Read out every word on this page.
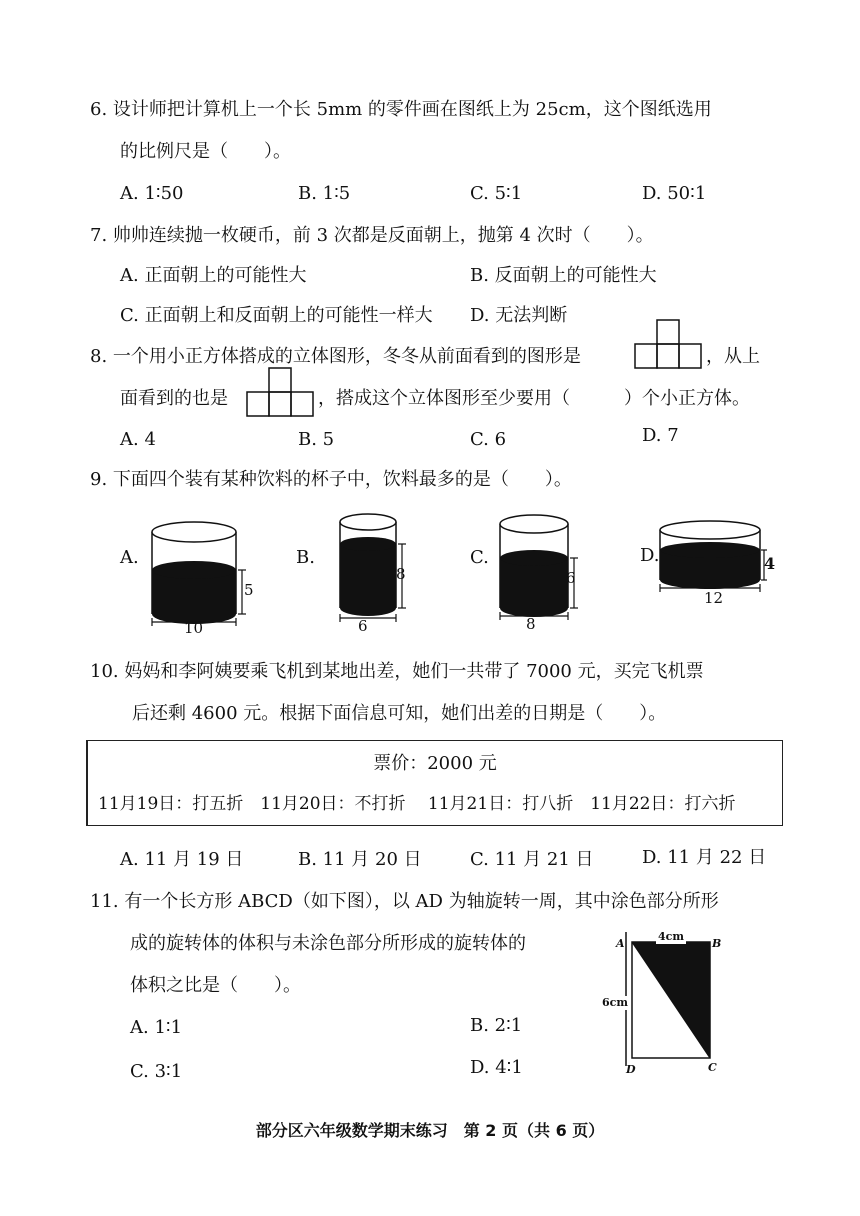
6. 设计师把计算机上一个长 5mm 的零件画在图纸上为 25cm，这个图纸选用
的比例尺是（　　）。
A. 1∶50	B. 1∶5	C. 5∶1	D. 50∶1
7. 帅帅连续抛一枚硬币，前 3 次都是反面朝上，抛第 4 次时（　　）。
A. 正面朝上的可能性大	B. 反面朝上的可能性大
C. 正面朝上和反面朝上的可能性一样大 D. 无法判断
8. 一个用小正方体搭成的立体图形，冬冬从前面看到的图形是	，从上
面看到的也是	，搭成这个立体图形至少要用（　　　）个小正方体。
A. 4	B. 5	C. 6	D. 7
9. 下面四个装有某种饮料的杯子中，饮料最多的是（　　）。
A.
5
10
B.
8
6
C.
6
8
D.	4
12
10. 妈妈和李阿姨要乘飞机到某地出差，她们一共带了 7000 元，买完飞机票
后还剩 4600 元。根据下面信息可知，她们出差的日期是（　　）。
票价：2000 元
11月19日：打五折　11月20日：不打折　 11月21日：打八折　11月22日：打六折
A. 11 月 19 日	B. 11 月 20 日	C. 11 月 21 日	D. 11 月 22 日
11. 有一个长方形 ABCD（如下图），以 AD 为轴旋转一周，其中涂色部分所形
成的旋转体的体积与未涂色部分所形成的旋转体的
体积之比是（　　）。
A. 1∶1	B. 2∶1
C. 3∶1	D. 4∶1
A	B
C
D
4cm
6cm
部分区六年级数学期末练习　第 2 页（共 6 页）
